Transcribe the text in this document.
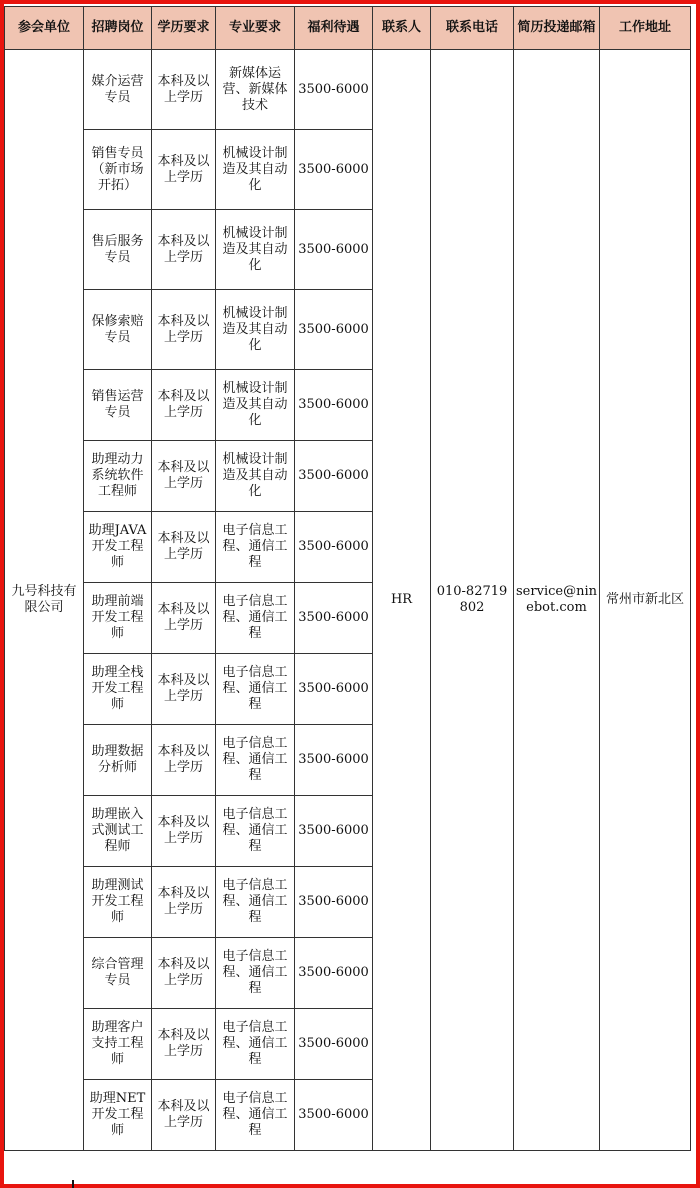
参会单位	招聘岗位	学历要求	专业要求	福利待遇	联系人	联系电话	简历投递邮箱	工作地址
九号科技有限公司	媒介运营专员	本科及以上学历	新媒体运营、新媒体技术	3500-6000	HR	010-82719802	service@ninebot.com	常州市新北区
	销售专员（新市场开拓）	本科及以上学历	机械设计制造及其自动化	3500-6000				
	售后服务专员	本科及以上学历	机械设计制造及其自动化	3500-6000				
	保修索赔专员	本科及以上学历	机械设计制造及其自动化	3500-6000				
	销售运营专员	本科及以上学历	机械设计制造及其自动化	3500-6000				
	助理动力系统软件工程师	本科及以上学历	机械设计制造及其自动化	3500-6000				
	助理JAVA开发工程师	本科及以上学历	电子信息工程、通信工程	3500-6000				
	助理前端开发工程师	本科及以上学历	电子信息工程、通信工程	3500-6000				
	助理全栈开发工程师	本科及以上学历	电子信息工程、通信工程	3500-6000				
	助理数据分析师	本科及以上学历	电子信息工程、通信工程	3500-6000				
	助理嵌入式测试工程师	本科及以上学历	电子信息工程、通信工程	3500-6000				
	助理测试开发工程师	本科及以上学历	电子信息工程、通信工程	3500-6000				
	综合管理专员	本科及以上学历	电子信息工程、通信工程	3500-6000				
	助理客户支持工程师	本科及以上学历	电子信息工程、通信工程	3500-6000				
	助理NET开发工程师	本科及以上学历	电子信息工程、通信工程	3500-6000				
